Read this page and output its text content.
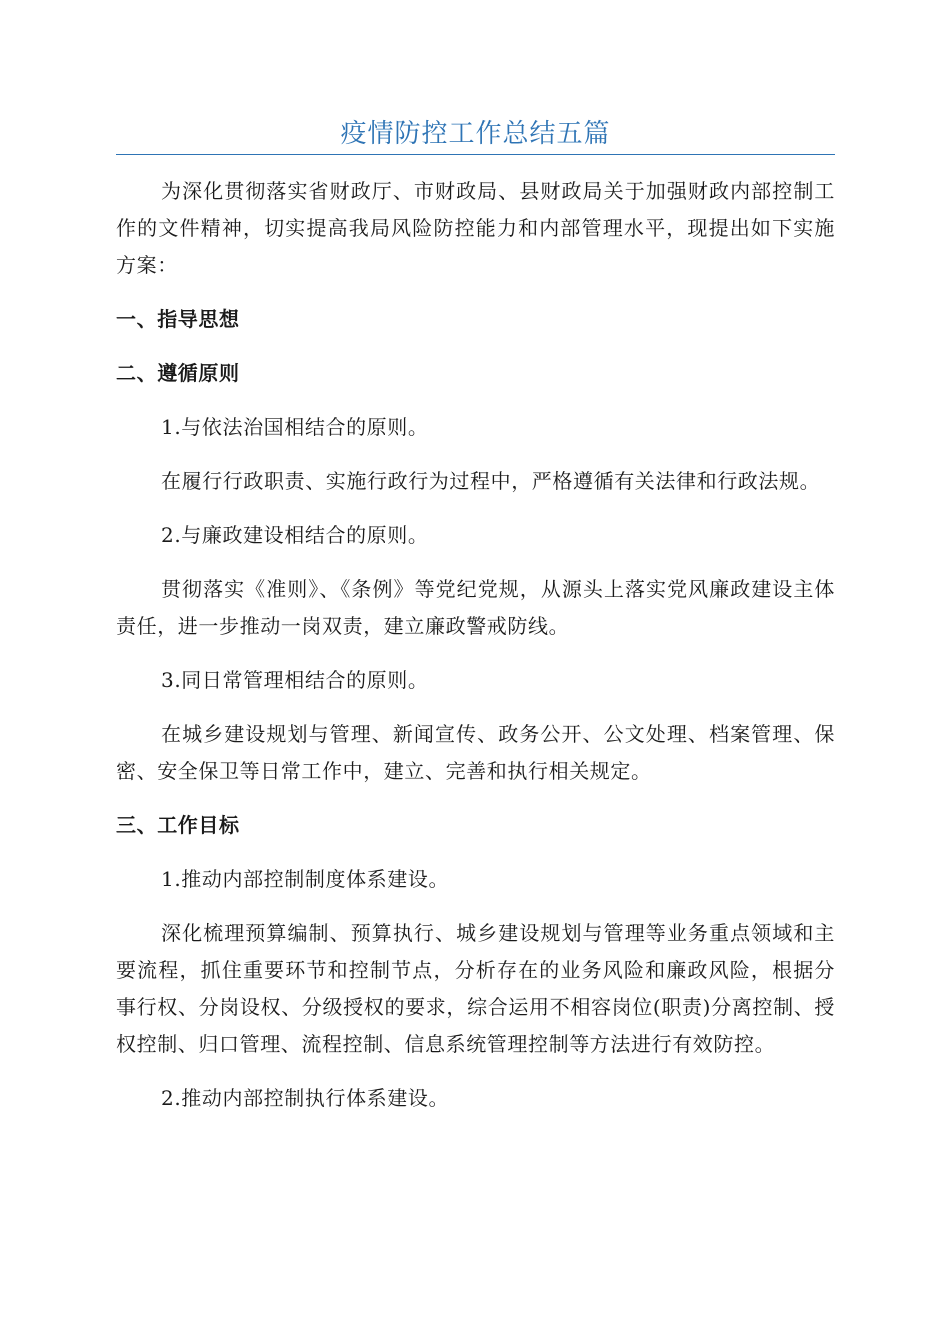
疫情防控工作总结五篇

为深化贯彻落实省财政厅、市财政局、县财政局关于加强财政内部控制工作的文件精神，切实提高我局风险防控能力和内部管理水平，现提出如下实施方案：

一、指导思想
二、遵循原则

1.与依法治国相结合的原则。

在履行行政职责、实施行政行为过程中，严格遵循有关法律和行政法规。

2.与廉政建设相结合的原则。

贯彻落实《准则》、《条例》等党纪党规，从源头上落实党风廉政建设主体责任，进一步推动一岗双责，建立廉政警戒防线。

3.同日常管理相结合的原则。

在城乡建设规划与管理、新闻宣传、政务公开、公文处理、档案管理、保密、安全保卫等日常工作中，建立、完善和执行相关规定。

三、工作目标

1.推动内部控制制度体系建设。

深化梳理预算编制、预算执行、城乡建设规划与管理等业务重点领域和主要流程，抓住重要环节和控制节点，分析存在的业务风险和廉政风险，根据分事行权、分岗设权、分级授权的要求，综合运用不相容岗位(职责)分离控制、授权控制、归口管理、流程控制、信息系统管理控制等方法进行有效防控。

2.推动内部控制执行体系建设。
